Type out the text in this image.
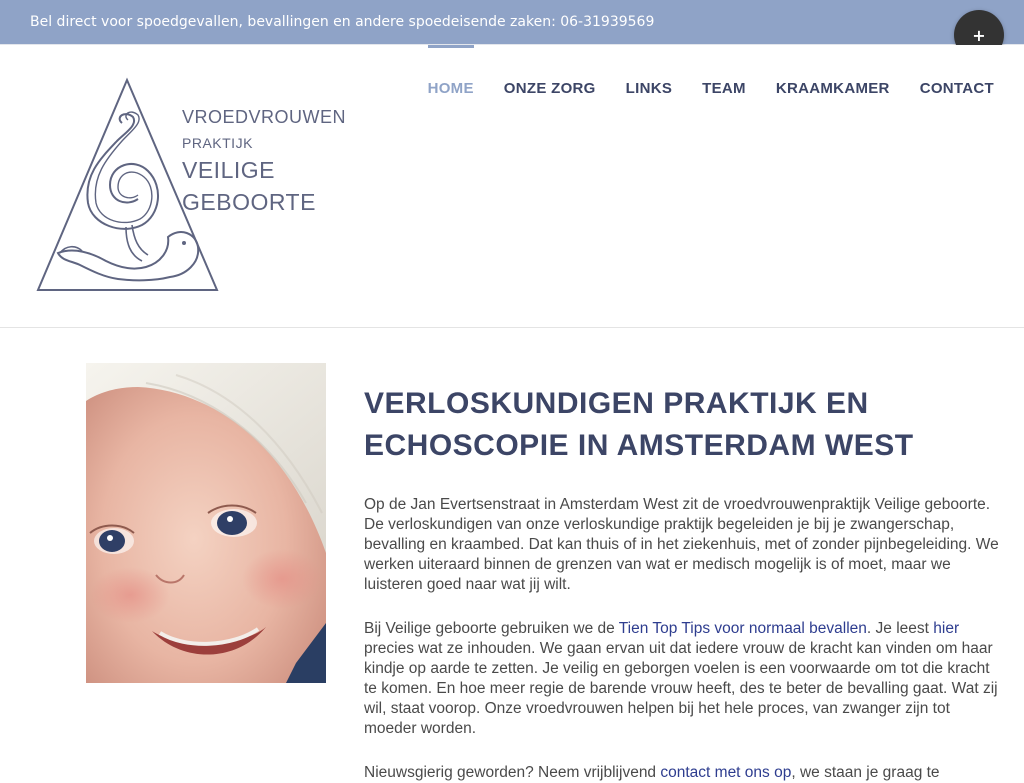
Bel direct voor spoedgevallen, bevallingen en andere spoedeisende zaken: 06-31939569
+
VROEDVROUWEN
PRAKTIJK
VEILIGE
GEBOORTE
HOME ONZE ZORG LINKS TEAM KRAAMKAMER CONTACT
VERLOSKUNDIGEN PRAKTIJK EN ECHOSCOPIE IN AMSTERDAM WEST

Op de Jan Evertsenstraat in Amsterdam West zit de vroedvrouwenpraktijk Veilige geboorte. De verloskundigen van onze verloskundige praktijk begeleiden je bij je zwangerschap, bevalling en kraambed. Dat kan thuis of in het ziekenhuis, met of zonder pijnbegeleiding. We werken uiteraard binnen de grenzen van wat er medisch mogelijk is of moet, maar we luisteren goed naar wat jij wilt.

Bij Veilige geboorte gebruiken we de Tien Top Tips voor normaal bevallen. Je leest hier precies wat ze inhouden. We gaan ervan uit dat iedere vrouw de kracht kan vinden om haar kindje op aarde te zetten. Je veilig en geborgen voelen is een voorwaarde om tot die kracht te komen. En hoe meer regie de barende vrouw heeft, des te beter de bevalling gaat. Wat zij wil, staat voorop. Onze vroedvrouwen helpen bij het hele proces, van zwanger zijn tot moeder worden.

Nieuwsgierig geworden? Neem vrijblijvend contact met ons op, we staan je graag te
